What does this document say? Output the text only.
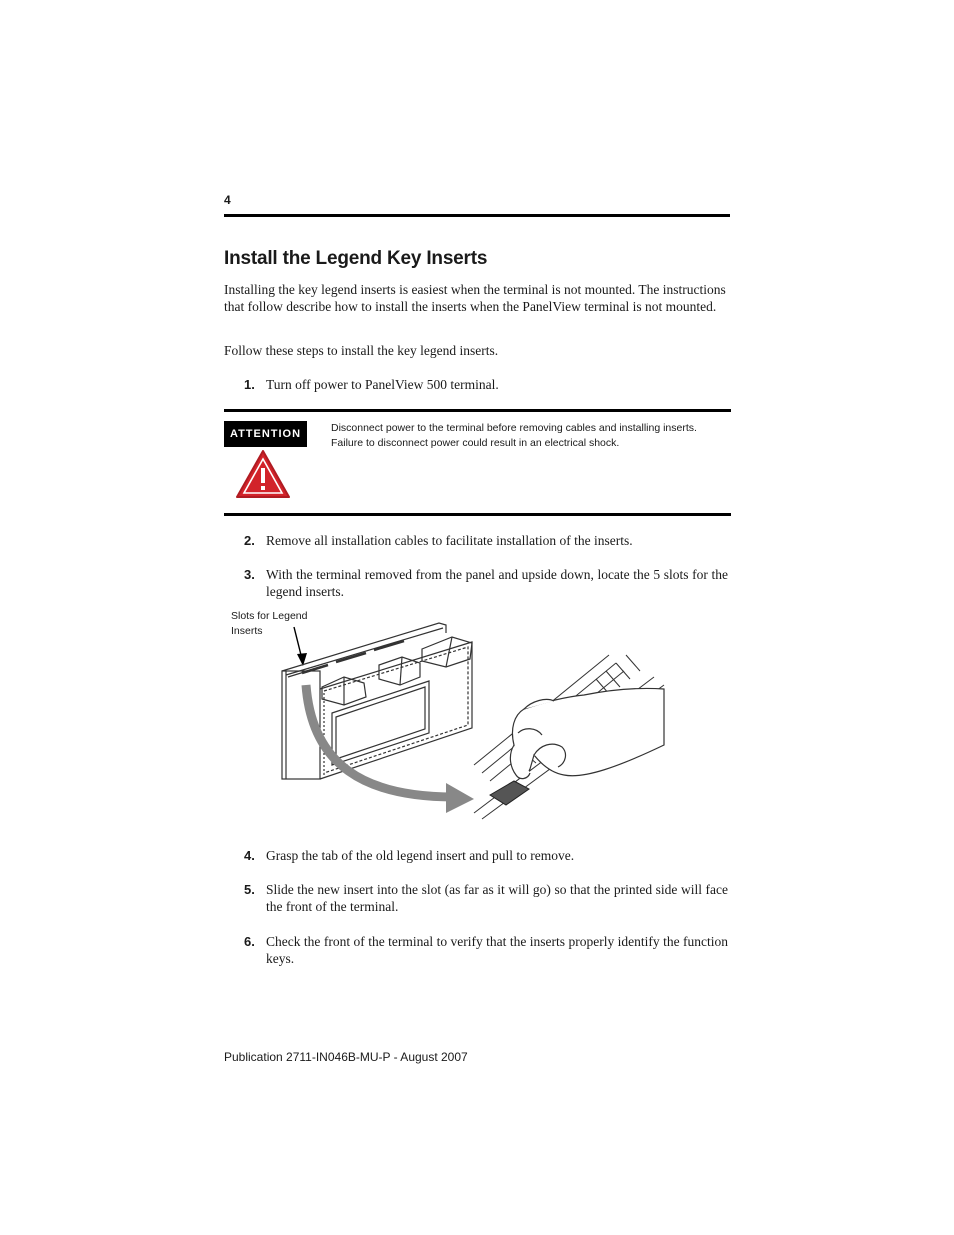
4
Install the Legend Key Inserts

Installing the key legend inserts is easiest when the terminal is not mounted. The instructions that follow describe how to install the inserts when the PanelView terminal is not mounted.

Follow these steps to install the key legend inserts.

1. Turn off power to PanelView 500 terminal.
ATTENTION	Disconnect power to the terminal before removing cables and installing inserts. Failure to disconnect power could result in an electrical shock.
2. Remove all installation cables to facilitate installation of the inserts.
3. With the terminal removed from the panel and upside down, locate the 5 slots for the legend inserts.
Slots for Legend Inserts
4. Grasp the tab of the old legend insert and pull to remove.
5. Slide the new insert into the slot (as far as it will go) so that the printed side will face the front of the terminal.
6. Check the front of the terminal to verify that the inserts properly identify the function keys.
Publication 2711-IN046B-MU-P - August 2007
